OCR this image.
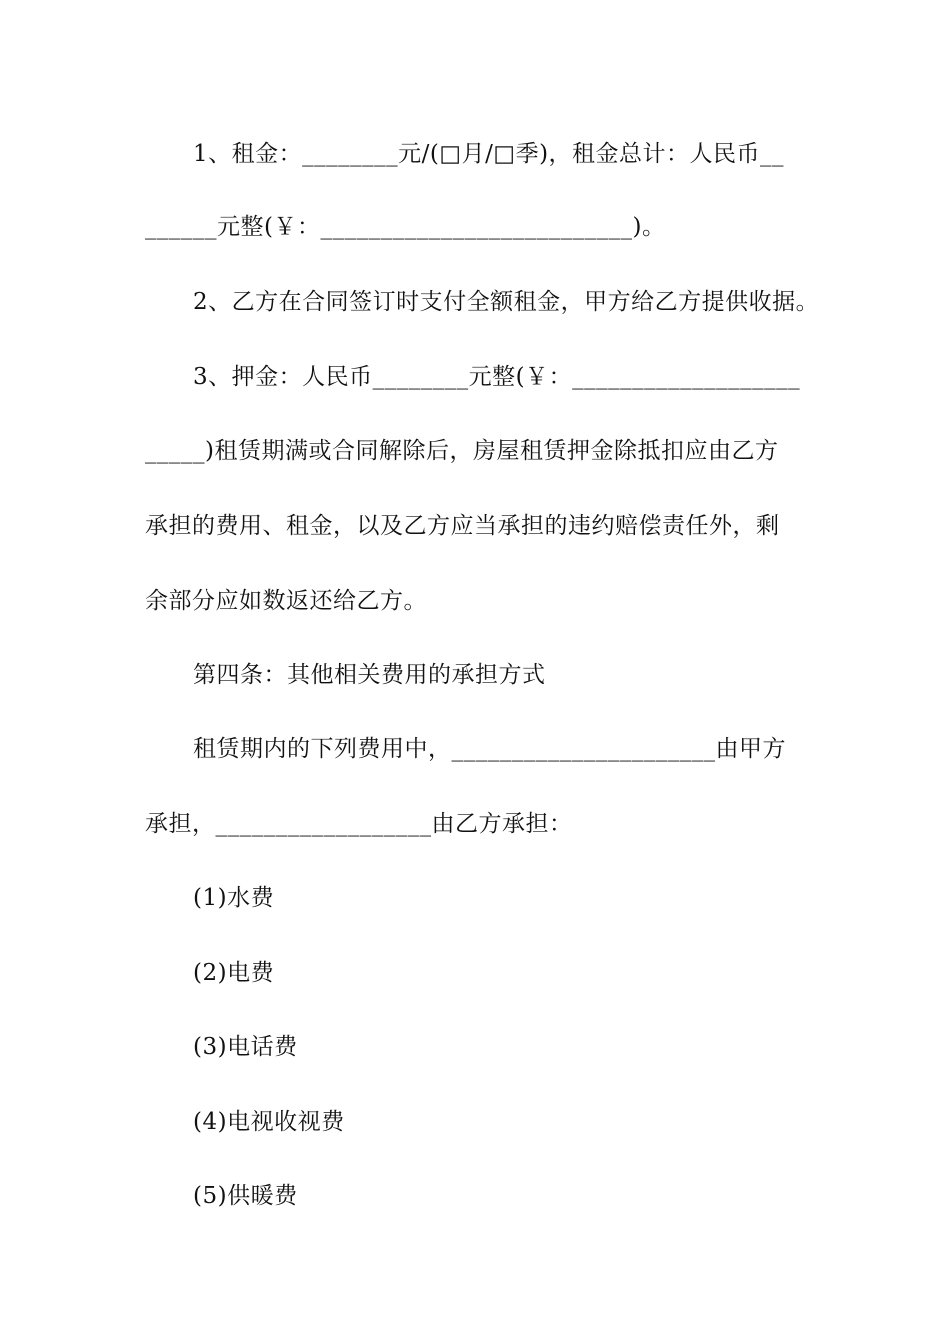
1、租金：________元/(□月/□季)，租金总计：人民币__
______元整(￥：__________________________)。
2、乙方在合同签订时支付全额租金，甲方给乙方提供收据。
3、押金：人民币________元整(￥：___________________
_____)租赁期满或合同解除后，房屋租赁押金除抵扣应由乙方
承担的费用、租金，以及乙方应当承担的违约赔偿责任外，剩
余部分应如数返还给乙方。
第四条：其他相关费用的承担方式
租赁期内的下列费用中，______________________由甲方
承担，__________________由乙方承担：
(1)水费
(2)电费
(3)电话费
(4)电视收视费
(5)供暖费
